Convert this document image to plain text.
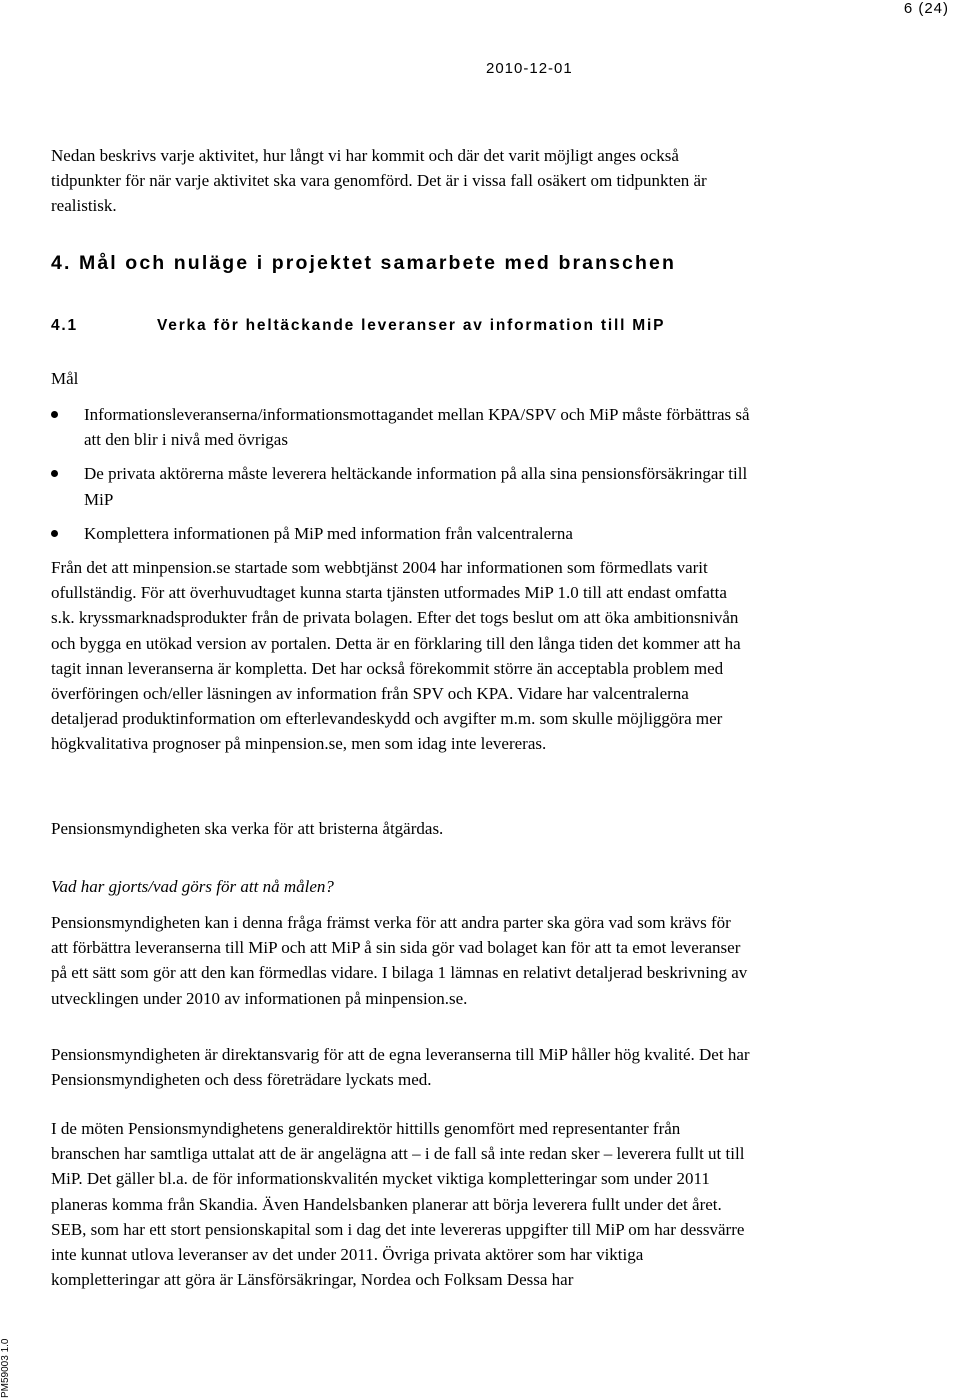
6 (24)
2010-12-01

Nedan beskrivs varje aktivitet, hur långt vi har kommit och där det varit möjligt anges också tidpunkter för när varje aktivitet ska vara genomförd. Det är i vissa fall osäkert om tidpunkten är realistisk.

4. Mål och nuläge i projektet samarbete med branschen
4.1	Verka för heltäckande leveranser av information till MiP

Mål

Informationsleveranserna/informationsmottagandet mellan KPA/SPV och MiP måste förbättras så att den blir i nivå med övrigas
De privata aktörerna måste leverera heltäckande information på alla sina pensionsförsäkringar till MiP
Komplettera informationen på MiP med information från valcentralerna

Från det att minpension.se startade som webbtjänst 2004 har informationen som förmedlats varit ofullständig. För att överhuvudtaget kunna starta tjänsten utformades MiP 1.0 till att endast omfatta s.k. kryssmarknadsprodukter från de privata bolagen. Efter det togs beslut om att öka ambitionsnivån och bygga en utökad version av portalen. Detta är en förklaring till den långa tiden det kommer att ha tagit innan leveranserna är kompletta. Det har också förekommit större än acceptabla problem med överföringen och/eller läsningen av information från SPV och KPA. Vidare har valcentralerna detaljerad produktinformation om efterlevandeskydd och avgifter m.m. som skulle möjliggöra mer högkvalitativa prognoser på minpension.se, men som idag inte levereras.

Pensionsmyndigheten ska verka för att bristerna åtgärdas.

Vad har gjorts/vad görs för att nå målen?

Pensionsmyndigheten kan i denna fråga främst verka för att andra parter ska göra vad som krävs för att förbättra leveranserna till MiP och att MiP å sin sida gör vad bolaget kan för att ta emot leveranser på ett sätt som gör att den kan förmedlas vidare. I bilaga 1 lämnas en relativt detaljerad beskrivning av utvecklingen under 2010 av informationen på minpension.se.

Pensionsmyndigheten är direktansvarig för att de egna leveranserna till MiP håller hög kvalité. Det har Pensionsmyndigheten och dess företrädare lyckats med.

I de möten Pensionsmyndighetens generaldirektör hittills genomfört med representanter från branschen har samtliga uttalat att de är angelägna att – i de fall så inte redan sker – leverera fullt ut till MiP. Det gäller bl.a. de för informationskvalitén mycket viktiga kompletteringar som under 2011 planeras komma från Skandia. Även Handelsbanken planerar att börja leverera fullt under det året. SEB, som har ett stort pensionskapital som i dag det inte levereras uppgifter till MiP om har dessvärre inte kunnat utlova leveranser av det under 2011. Övriga privata aktörer som har viktiga kompletteringar att göra är Länsförsäkringar, Nordea och Folksam Dessa har

PM59003 1.0
